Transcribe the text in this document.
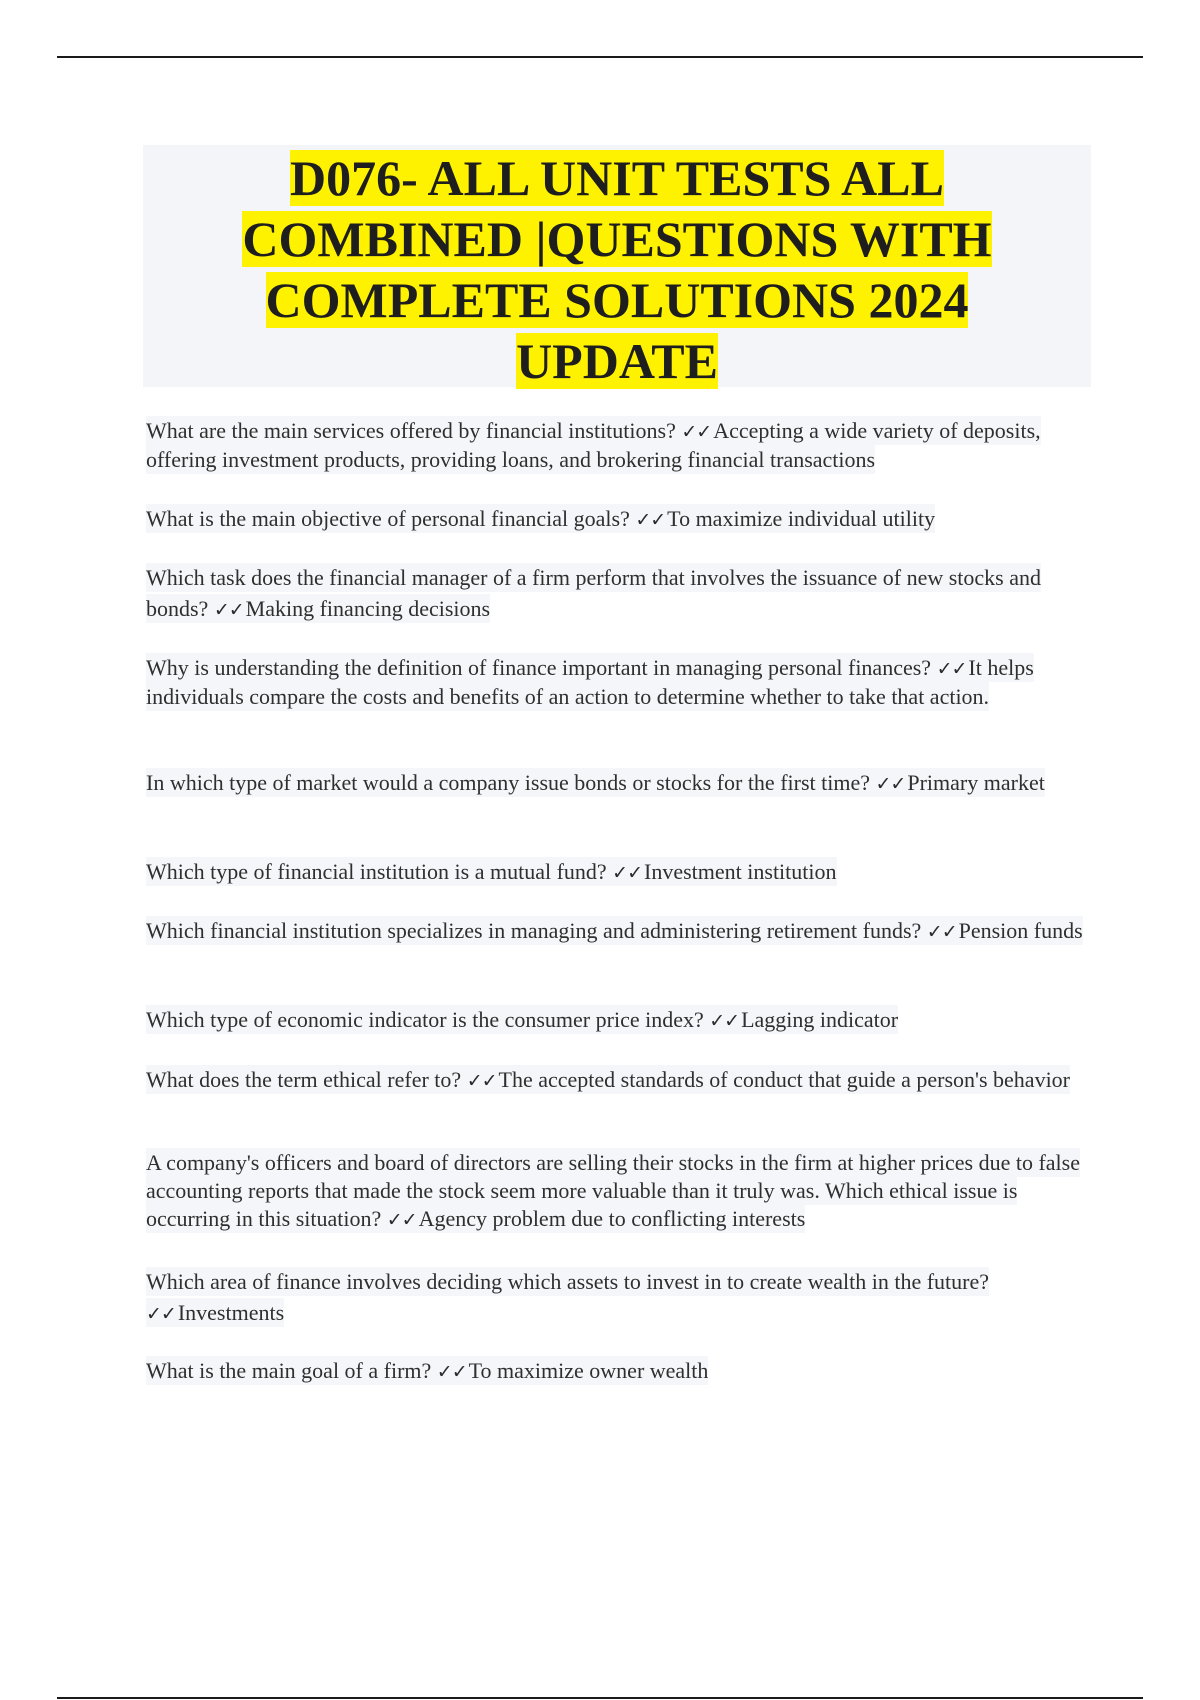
D076- ALL UNIT TESTS ALL
COMBINED |QUESTIONS WITH
COMPLETE SOLUTIONS 2024
UPDATE
What are the main services offered by financial institutions? ✓✓Accepting a wide variety of deposits, offering investment products, providing loans, and brokering financial transactions
What is the main objective of personal financial goals? ✓✓To maximize individual utility
Which task does the financial manager of a firm perform that involves the issuance of new stocks and bonds? ✓✓Making financing decisions
Why is understanding the definition of finance important in managing personal finances? ✓✓It helps individuals compare the costs and benefits of an action to determine whether to take that action.
In which type of market would a company issue bonds or stocks for the first time? ✓✓Primary market
Which type of financial institution is a mutual fund? ✓✓Investment institution
Which financial institution specializes in managing and administering retirement funds? ✓✓Pension funds
Which type of economic indicator is the consumer price index? ✓✓Lagging indicator
What does the term ethical refer to? ✓✓The accepted standards of conduct that guide a person's behavior
A company's officers and board of directors are selling their stocks in the firm at higher prices due to false accounting reports that made the stock seem more valuable than it truly was. Which ethical issue is occurring in this situation? ✓✓Agency problem due to conflicting interests
Which area of finance involves deciding which assets to invest in to create wealth in the future? ✓✓Investments
What is the main goal of a firm? ✓✓To maximize owner wealth
